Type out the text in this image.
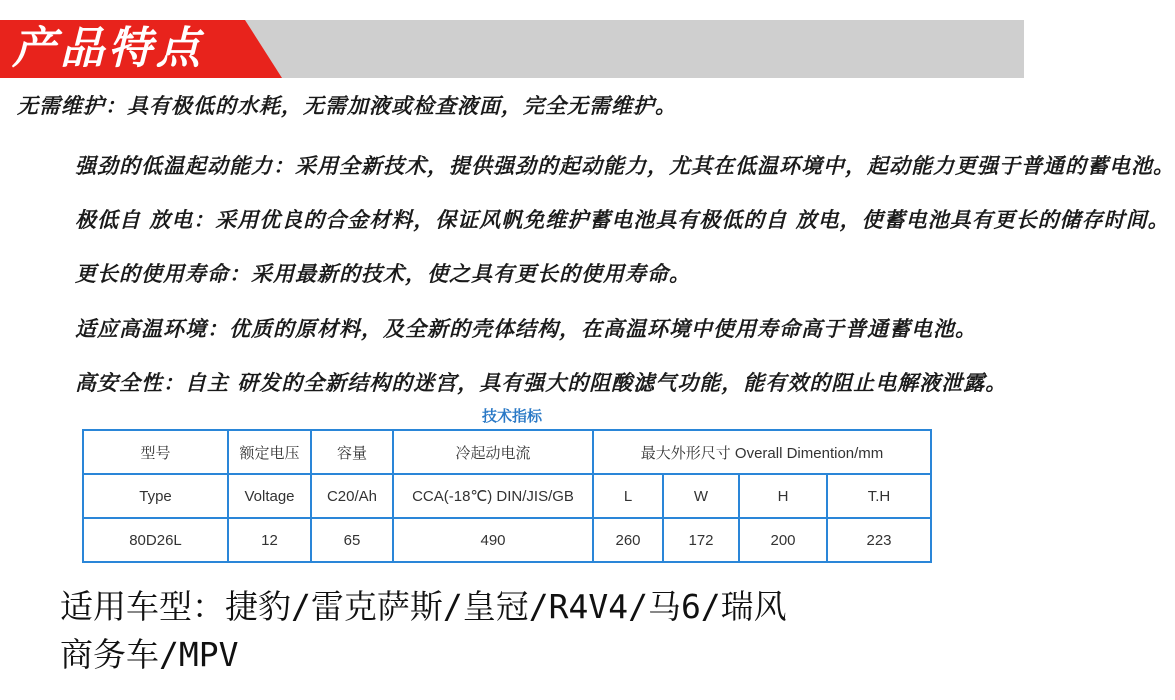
产品特点
无需维护：具有极低的水耗，无需加液或检查液面，完全无需维护。
强劲的低温起动能力：采用全新技术，提供强劲的起动能力，尤其在低温环境中，起动能力更强于普通的蓄电池。
极低自 放电：采用优良的合金材料，保证风帆免维护蓄电池具有极低的自 放电，使蓄电池具有更长的储存时间。
更长的使用寿命：采用最新的技术，使之具有更长的使用寿命。
适应高温环境：优质的原材料，及全新的壳体结构，在高温环境中使用寿命高于普通蓄电池。
高安全性：自主 研发的全新结构的迷宫，具有强大的阻酸滤气功能，能有效的阻止电解液泄露。
技术指标
型号	额定电压	容量	冷起动电流	最大外形尺寸 Overall Dimention/mm			
Type	Voltage	C20/Ah	CCA(-18℃) DIN/JIS/GB	L	W	H	T.H
80D26L	12	65	490	260	172	200	223
适用车型：捷豹/雷克萨斯/皇冠/R4V4/马6/瑞风
商务车/MPV
